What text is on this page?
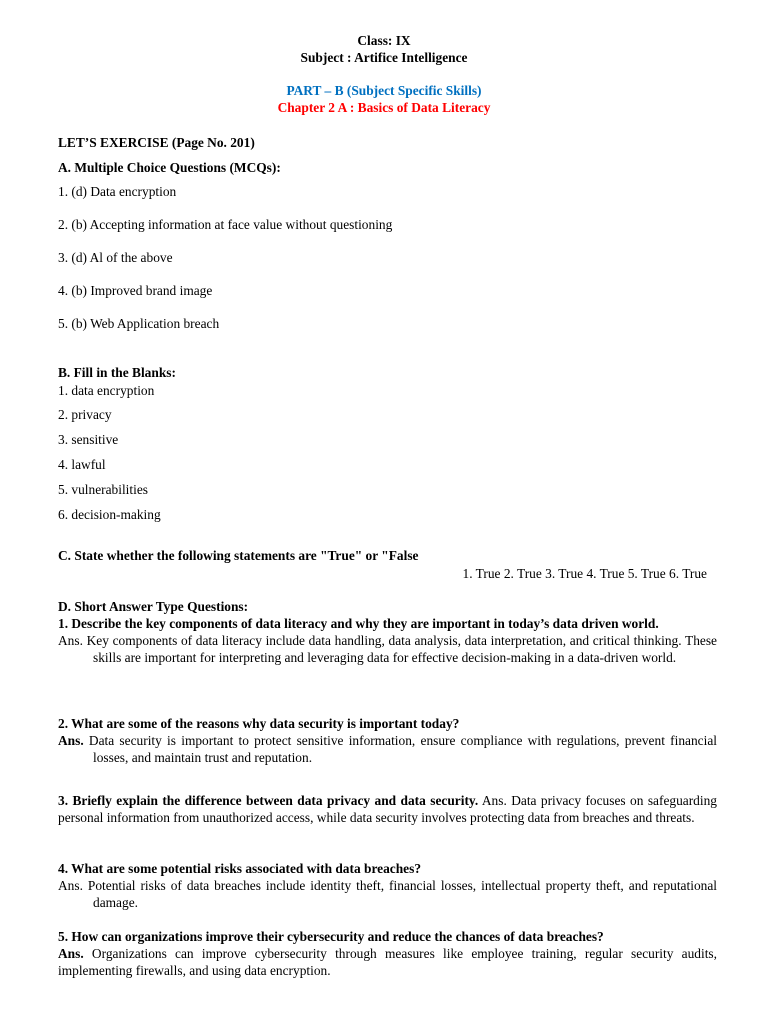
Class: IX
Subject : Artifice Intelligence
PART – B (Subject Specific Skills)
Chapter 2 A : Basics of Data Literacy
LET’S EXERCISE (Page No. 201)
A. Multiple Choice Questions (MCQs):
1. (d) Data encryption
2. (b) Accepting information at face value without questioning
3. (d) Al of the above
4. (b) Improved brand image
5. (b) Web Application breach
B. Fill in the Blanks:
1. data encryption
2. privacy
3. sensitive
4. lawful
5. vulnerabilities
6. decision-making
C. State whether the following statements are "True" or "False
1. True 2. True 3. True 4. True 5. True 6. True
D. Short Answer Type Questions:
1. Describe the key components of data literacy and why they are important in today’s data driven world.
Ans. Key components of data literacy include data handling, data analysis, data interpretation, and critical thinking. These skills are important for interpreting and leveraging data for effective decision-making in a data-driven world.
2. What are some of the reasons why data security is important today?
Ans. Data security is important to protect sensitive information, ensure compliance with regulations, prevent financial losses, and maintain trust and reputation.
3. Briefly explain the difference between data privacy and data security. Ans. Data privacy focuses on safeguarding personal information from unauthorized access, while data security involves protecting data from breaches and threats.
4. What are some potential risks associated with data breaches?
Ans. Potential risks of data breaches include identity theft, financial losses, intellectual property theft, and reputational damage.
5. How can organizations improve their cybersecurity and reduce the chances of data breaches?
Ans. Organizations can improve cybersecurity through measures like employee training, regular security audits, implementing firewalls, and using data encryption.
